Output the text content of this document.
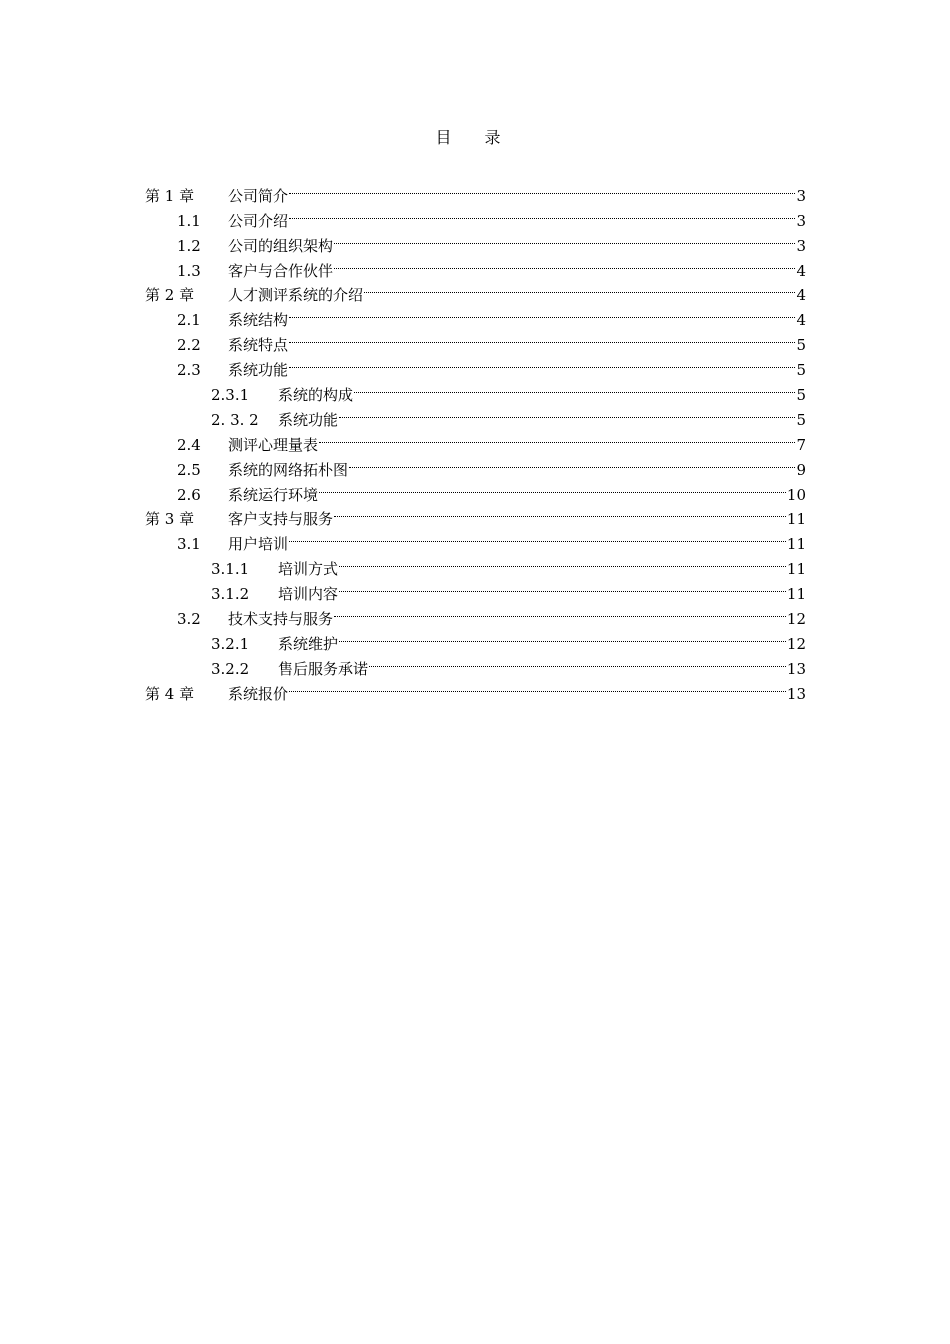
目 录
第 1 章	公司简介	3
1.1	公司介绍	3
1.2	公司的组织架构	3
1.3	客户与合作伙伴	4
第 2 章	人才测评系统的介绍	4
2.1	系统结构	4
2.2	系统特点	5
2.3	系统功能	5
2.3.1	系统的构成	5
2. 3. 2	系统功能	5
2.4	测评心理量表	7
2.5	系统的网络拓朴图	9
2.6	系统运行环境	10
第 3 章	客户支持与服务	11
3.1	用户培训	11
3.1.1	培训方式	11
3.1.2	培训内容	11
3.2	技术支持与服务	12
3.2.1	系统维护	12
3.2.2	售后服务承诺	13
第 4 章	系统报价	13
